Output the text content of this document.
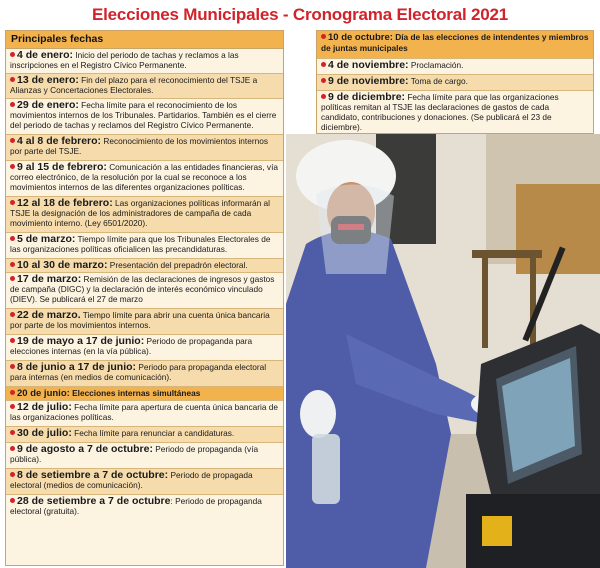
Elecciones Municipales - Cronograma Electoral 2021
Principales fechas
4 de enero: Inicio del periodo de tachas y reclamos a las inscripciones en el Registro Cívico Permanente.
13 de enero: Fin del plazo para el reconocimiento del TSJE a Alianzas y Concertaciones Electorales.
29 de enero: Fecha límite para el reconocimiento de los movimientos internos de los Tribunales. Partidarios. También es el cierre del periodo de tachas y reclamos del Registro Cívico Permanente.
4 al 8 de febrero: Reconocimiento de los movimientos internos por parte del TSJE.
9 al 15 de febrero: Comunicación a las entidades financieras, vía correo electrónico, de la resolución por la cual se reconoce a los movimientos internos de las diferentes organizaciones políticas.
12 al 18 de febrero: Las organizaciones políticas informarán al TSJE la designación de los administradores de campaña de cada movimiento interno. (Ley 6501/2020).
5 de marzo: Tiempo límite para que los Tribunales Electorales de las organizaciones políticas oficialicen las precandidaturas.
10 al 30 de marzo: Presentación del prepadrón electoral.
17 de marzo: Remisión de las declaraciones de ingresos y gastos de campaña (DIGC) y la declaración de interés económico vinculado (DIEV). Se publicará el 27 de marzo
22 de marzo. Tiempo límite para abrir una cuenta única bancaria por parte de los movimientos internos.
19 de mayo a 17 de junio: Periodo de propaganda para elecciones internas (en la vía pública).
8 de junio a 17 de junio: Periodo para propaganda electoral para internas (en medios de comunicación).
20 de junio: Elecciones internas simultáneas
12 de julio: Fecha límite para apertura de cuenta única bancaria de las organizaciones políticas.
30 de julio: Fecha límite para renunciar a candidaturas.
9 de agosto a 7 de octubre: Periodo de propaganda (vía pública).
8 de setiembre a 7 de octubre: Periodo de propagada electoral (medios de comunicación).
28 de setiembre a 7 de octubre: Periodo de propaganda electoral (gratuita).
10 de octubre: Día de las elecciones de intendentes y miembros de juntas municipales
4 de noviembre: Proclamación.
9 de noviembre: Toma de cargo.
9 de diciembre: Fecha límite para que las organizaciones políticas remitan al TSJE las declaraciones de gastos de cada candidato, contribuciones y donaciones. (Se publicará el 23 de diciembre).
